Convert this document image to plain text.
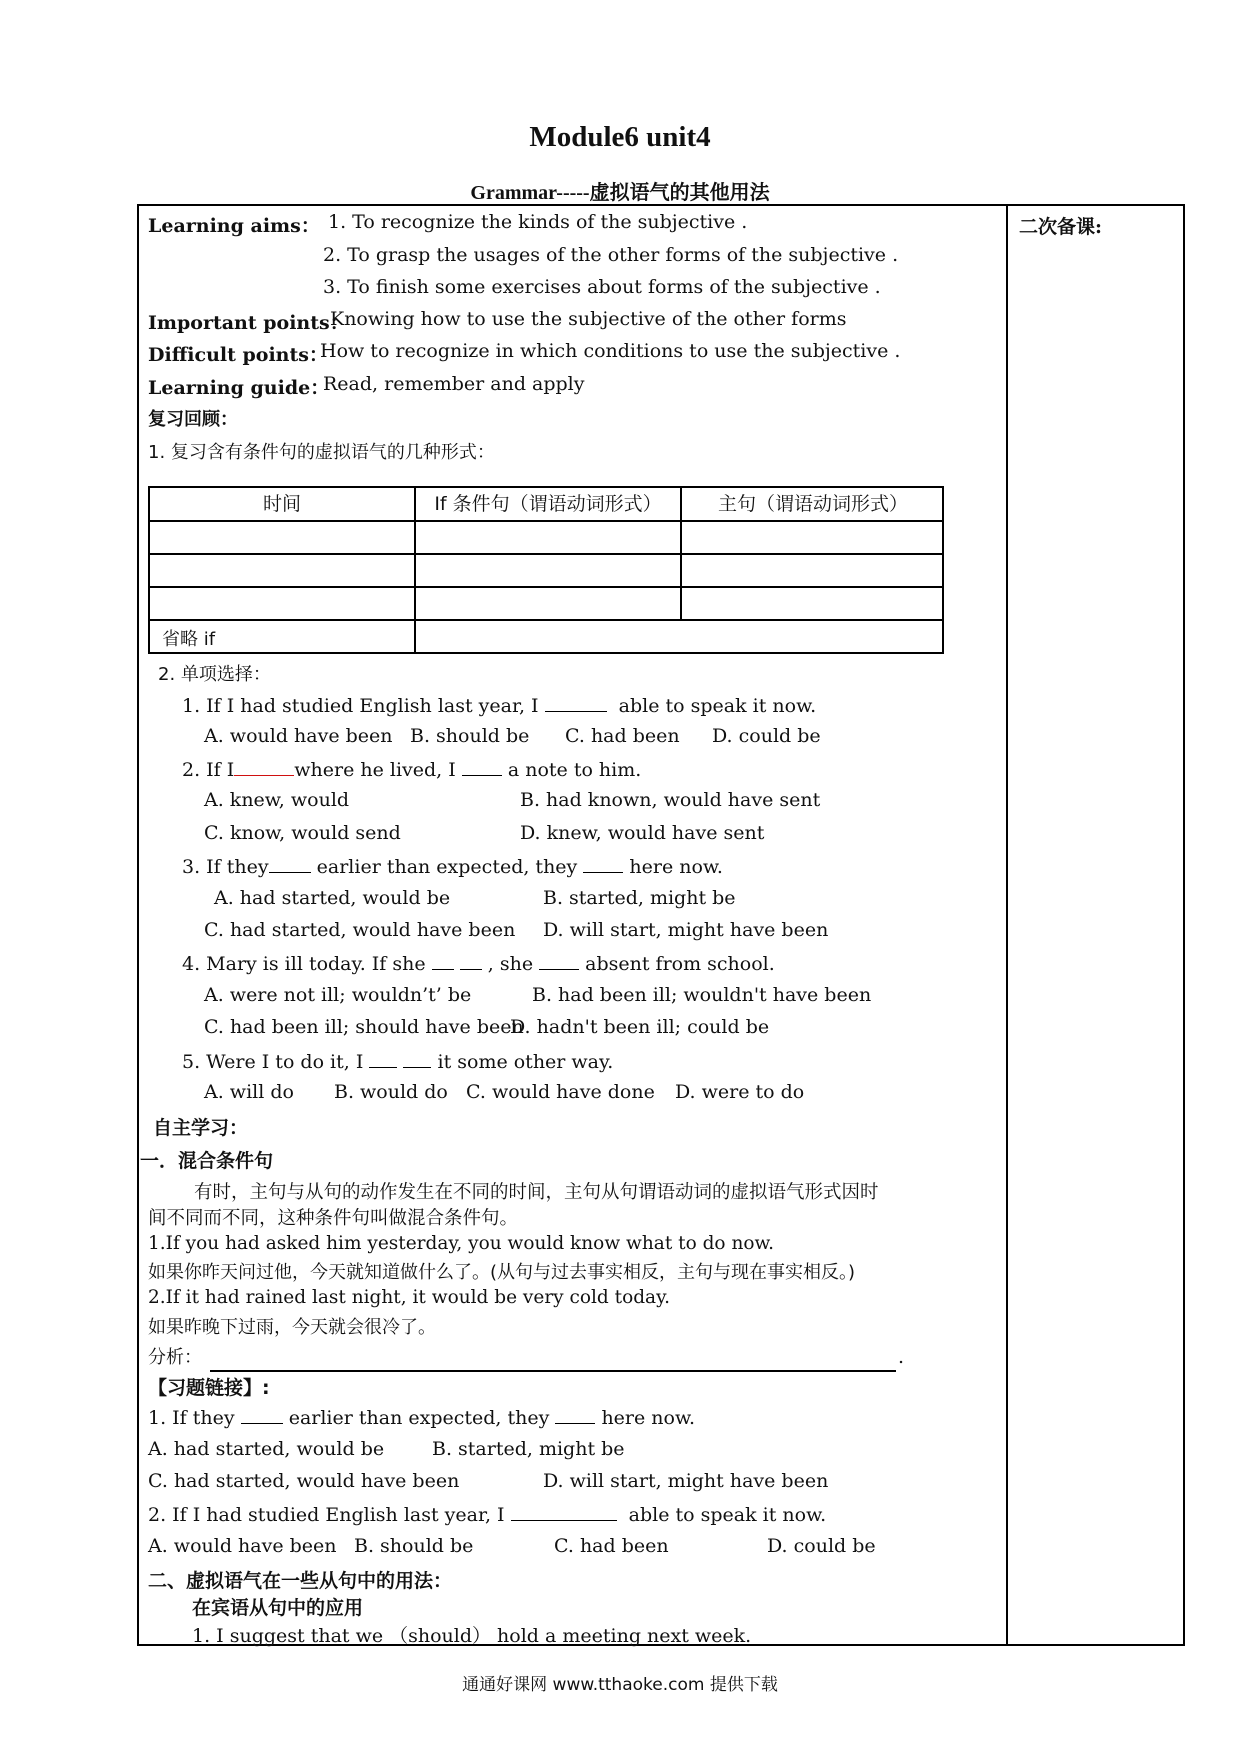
Module6 unit4
Grammar-----虚拟语气的其他用法
二次备课:
Learning aims： 1. To recognize the kinds of the subjective .
2. To grasp the usages of the other forms of the subjective .
3. To finish some exercises about forms of the subjective .
Important points：
Knowing how to use the subjective of the other forms
Difficult points：
How to recognize in which conditions to use the subjective .
Learning guide：
Read, remember and apply
复习回顾：
1. 复习含有条件句的虚拟语气的几种形式：
时间	If 条件句（谓语动词形式）	主句（谓语动词形式）
省略 if
2. 单项选择：
1. If I had studied English last year, I	able to speak it now.
A. would have been B. should be C. had been D. could be
2. If I	where he lived, I	a note to him.
A. knew, would	B. had known, would have sent
C. know, would send	D. knew, would have sent
3. If they	earlier than expected, they	here now.
A. had started, would be	B. started, might be
C. had started, would have been D. will start, might have been
4. Mary is ill today. If she	, she	absent from school.
A. were not ill; wouldn’t’ be	B. had been ill; wouldn't have been
C. had been ill; should have been
D. hadn't been ill; could be
5. Were I to do it, I	it some other way.
A. will do B. would do C. would have done D. were to do
自主学习：
一．混合条件句
有时，主句与从句的动作发生在不同的时间，主句从句谓语动词的虚拟语气形式因时
间不同而不同，这种条件句叫做混合条件句。
1.If you had asked him yesterday, you would know what to do now.
如果你昨天问过他，今天就知道做什么了。(从句与过去事实相反，主句与现在事实相反。)
2.If it had rained last night, it would be very cold today.
如果昨晚下过雨，今天就会很冷了。
分析：	.
【习题链接】:
1. If they	earlier than expected, they	here now.
A. had started, would be	B. started, might be
C. had started, would have been	D. will start, might have been
2. If I had studied English last year, I	able to speak it now.
A. would have been B. should be	C. had been	D. could be
二、虚拟语气在一些从句中的用法：
在宾语从句中的应用
1. I suggest that we （should） hold a meeting next week.
通通好课网 www.tthaoke.com 提供下载
